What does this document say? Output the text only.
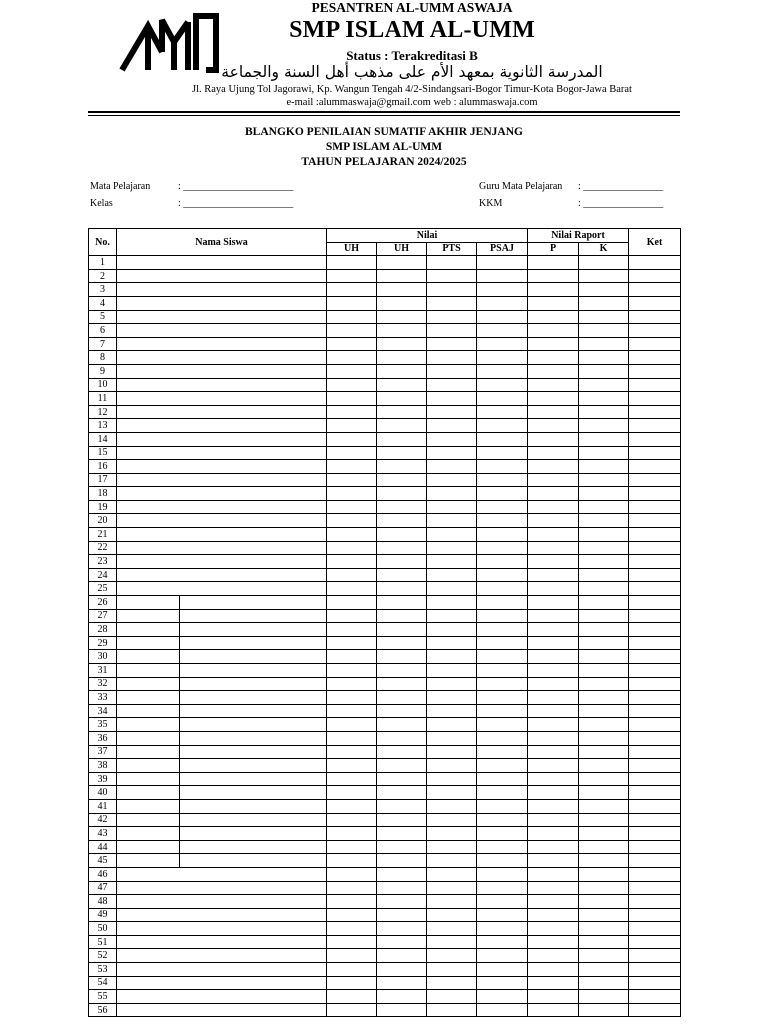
PESANTREN AL-UMM ASWAJA
SMP ISLAM AL-UMM
Status : Terakreditasi B
المدرسة الثانوية بمعهد الأم على مذهب أهل السنة والجماعة
Jl. Raya Ujung Tol Jagorawi, Kp. Wangun Tengah 4/2-Sindangsari-Bogor Timur-Kota Bogor-Jawa Barat
e-mail :alummaswaja@gmail.com web : alummaswaja.com
BLANGKO PENILAIAN SUMATIF AKHIR JENJANG
SMP ISLAM AL-UMM
TAHUN PELAJARAN 2024/2025
Mata Pelajaran	: ______________________
Kelas	: ______________________
Guru Mata Pelajaran : ________________
KKM	: ________________
No.	Nama Siswa	Nilai				Nilai Raport		Ket
		UH	UH	PTS	PSAJ	P	K	
1								
2								
3								
4								
5								
6								
7								
8								
9								
10								
11								
12								
13								
14								
15								
16								
17								
18								
19								
20								
21								
22								
23								
24								
25								
26	

27	

28	

29	

30	

31	

32	

33	

34	

35	

36	

37	

38	

39	

40	

41	

42	

43	

44	

45	

46								
47								
48								
49								
50								
51								
52								
53								
54								
55								
56								
